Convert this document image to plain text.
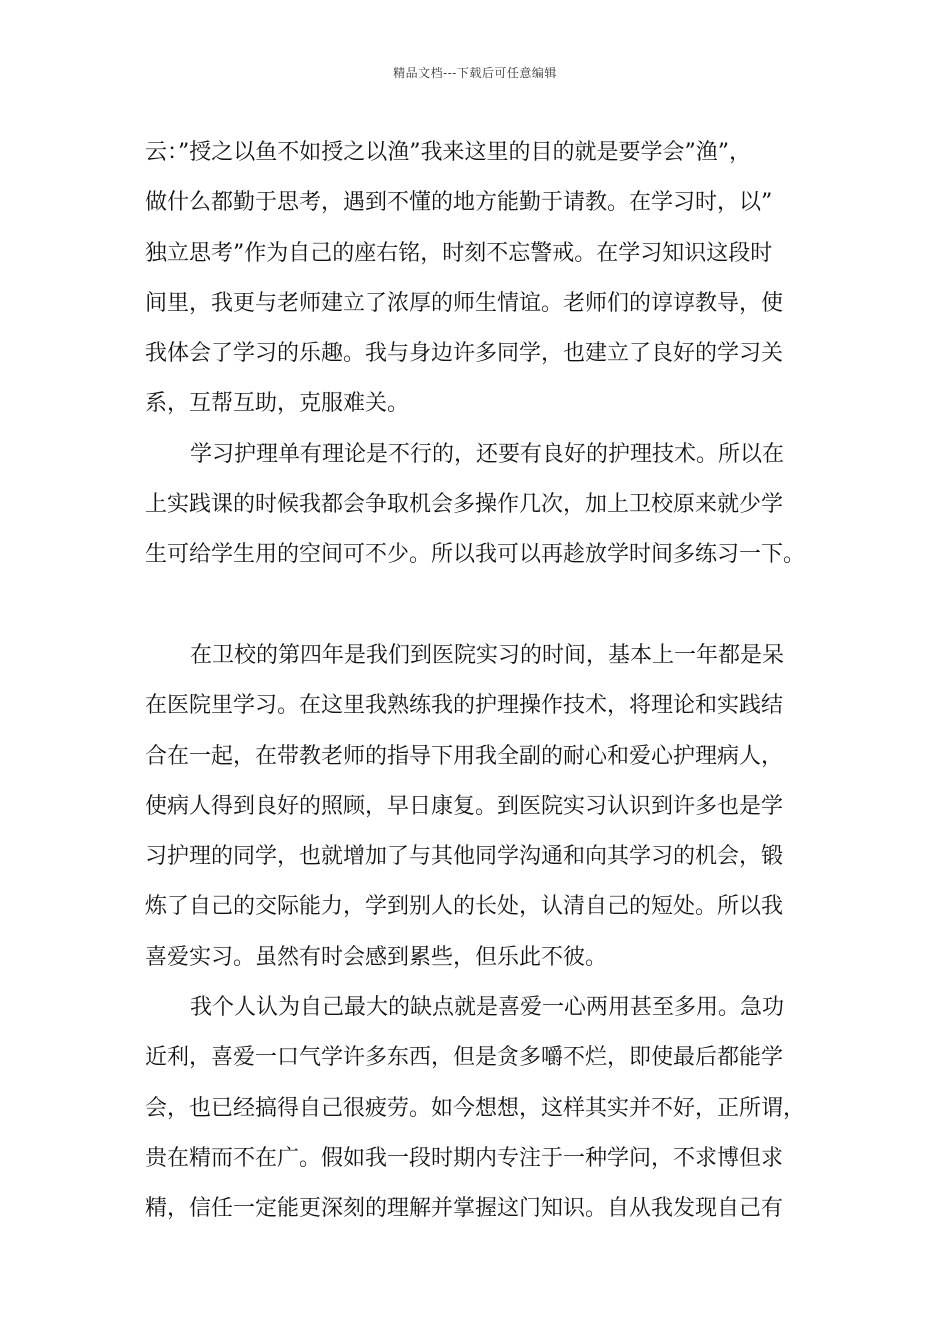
精品文档---下载后可任意编辑
云：”授之以鱼不如授之以渔”我来这里的目的就是要学会”渔”，
做什么都勤于思考，遇到不懂的地方能勤于请教。在学习时，以”
独立思考”作为自己的座右铭，时刻不忘警戒。在学习知识这段时
间里，我更与老师建立了浓厚的师生情谊。老师们的谆谆教导，使
我体会了学习的乐趣。我与身边许多同学，也建立了良好的学习关
系，互帮互助，克服难关。
学习护理单有理论是不行的，还要有良好的护理技术。所以在
上实践课的时候我都会争取机会多操作几次，加上卫校原来就少学
生可给学生用的空间可不少。所以我可以再趁放学时间多练习一下。
在卫校的第四年是我们到医院实习的时间，基本上一年都是呆
在医院里学习。在这里我熟练我的护理操作技术，将理论和实践结
合在一起，在带教老师的指导下用我全副的耐心和爱心护理病人，
使病人得到良好的照顾，早日康复。到医院实习认识到许多也是学
习护理的同学，也就增加了与其他同学沟通和向其学习的机会，锻
炼了自己的交际能力，学到别人的长处，认清自己的短处。所以我
喜爱实习。虽然有时会感到累些，但乐此不彼。
我个人认为自己最大的缺点就是喜爱一心两用甚至多用。急功
近利，喜爱一口气学许多东西，但是贪多嚼不烂，即使最后都能学
会，也已经搞得自己很疲劳。如今想想，这样其实并不好，正所谓，
贵在精而不在广。假如我一段时期内专注于一种学问，不求博但求
精，信任一定能更深刻的理解并掌握这门知识。自从我发现自己有
